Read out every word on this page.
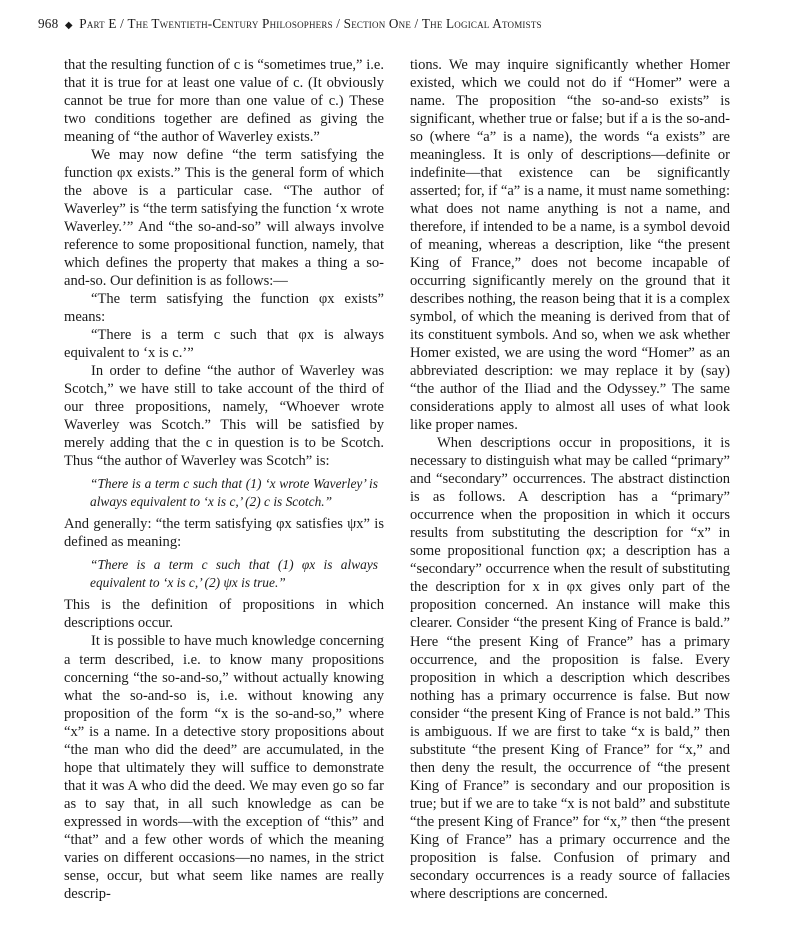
968 ◆ Part E / The Twentieth-Century Philosophers / Section One / The Logical Atomists

that the resulting function of c is “sometimes true,” i.e. that it is true for at least one value of c. (It obviously cannot be true for more than one value of c.) These two conditions together are defined as giving the meaning of “the author of Waverley exists.”

We may now define “the term satisfying the function φx exists.” This is the general form of which the above is a particular case. “The author of Waverley” is “the term satisfying the function ‘x wrote Waverley.’” And “the so-and-so” will always involve reference to some propositional function, namely, that which defines the property that makes a thing a so-and-so. Our definition is as follows:—

“The term satisfying the function φx exists” means:

“There is a term c such that φx is always equivalent to ‘x is c.’”

In order to define “the author of Waverley was Scotch,” we have still to take account of the third of our three propositions, namely, “Whoever wrote Waverley was Scotch.” This will be satisfied by merely adding that the c in question is to be Scotch. Thus “the author of Waverley was Scotch” is:

“There is a term c such that (1) ‘x wrote Waverley’ is always equivalent to ‘x is c,’ (2) c is Scotch.”

And generally: “the term satisfying φx satisfies ψx” is defined as meaning:

“There is a term c such that (1) φx is always equivalent to ‘x is c,’ (2) ψx is true.”

This is the definition of propositions in which descriptions occur.

It is possible to have much knowledge concerning a term described, i.e. to know many propositions concerning “the so-and-so,” without actually knowing what the so-and-so is, i.e. without knowing any proposition of the form “x is the so-and-so,” where “x” is a name. In a detective story propositions about “the man who did the deed” are accumulated, in the hope that ultimately they will suffice to demonstrate that it was A who did the deed. We may even go so far as to say that, in all such knowledge as can be expressed in words—with the exception of “this” and “that” and a few other words of which the meaning varies on different occasions—no names, in the strict sense, occur, but what seem like names are really descrip-

tions. We may inquire significantly whether Homer existed, which we could not do if “Homer” were a name. The proposition “the so-and-so exists” is significant, whether true or false; but if a is the so-and-so (where “a” is a name), the words “a exists” are meaningless. It is only of descriptions—definite or indefinite—that existence can be significantly asserted; for, if “a” is a name, it must name something: what does not name anything is not a name, and therefore, if intended to be a name, is a symbol devoid of meaning, whereas a description, like “the present King of France,” does not become incapable of occurring significantly merely on the ground that it describes nothing, the reason being that it is a complex symbol, of which the meaning is derived from that of its constituent symbols. And so, when we ask whether Homer existed, we are using the word “Homer” as an abbreviated description: we may replace it by (say) “the author of the Iliad and the Odyssey.” The same considerations apply to almost all uses of what look like proper names.

When descriptions occur in propositions, it is necessary to distinguish what may be called “primary” and “secondary” occurrences. The abstract distinction is as follows. A description has a “primary” occurrence when the proposition in which it occurs results from substituting the description for “x” in some propositional function φx; a description has a “secondary” occurrence when the result of substituting the description for x in φx gives only part of the proposition concerned. An instance will make this clearer. Consider “the present King of France is bald.” Here “the present King of France” has a primary occurrence, and the proposition is false. Every proposition in which a description which describes nothing has a primary occurrence is false. But now consider “the present King of France is not bald.” This is ambiguous. If we are first to take “x is bald,” then substitute “the present King of France” for “x,” and then deny the result, the occurrence of “the present King of France” is secondary and our proposition is true; but if we are to take “x is not bald” and substitute “the present King of France” for “x,” then “the present King of France” has a primary occurrence and the proposition is false. Confusion of primary and secondary occurrences is a ready source of fallacies where descriptions are concerned.
